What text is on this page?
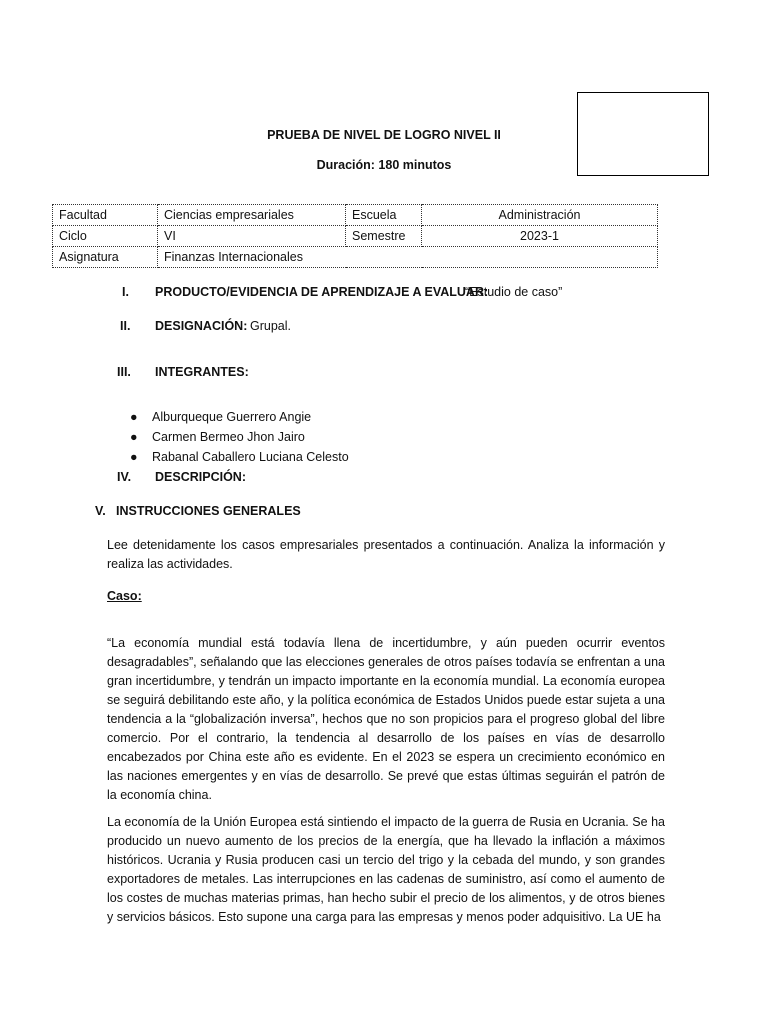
PRUEBA DE NIVEL DE LOGRO NIVEL II
Duración: 180 minutos
Facultad	Ciencias empresariales	Escuela	Administración
Ciclo	VI	Semestre	2023-1
Asignatura	Finanzas Internacionales		
I. PRODUCTO/EVIDENCIA DE APRENDIZAJE A EVALUAR:
“Estudio de caso”
II. DESIGNACIÓN: Grupal.
III. INTEGRANTES:
● Alburqueque Guerrero Angie
● Carmen Bermeo Jhon Jairo
● Rabanal Caballero Luciana Celesto
IV. DESCRIPCIÓN:
V. INSTRUCCIONES GENERALES

Lee detenidamente los casos empresariales presentados a continuación. Analiza la información y realiza las actividades.

Caso:

“La economía mundial está todavía llena de incertidumbre, y aún pueden ocurrir eventos desagradables”, señalando que las elecciones generales de otros países todavía se enfrentan a una gran incertidumbre, y tendrán un impacto importante en la economía mundial. La economía europea se seguirá debilitando este año, y la política económica de Estados Unidos puede estar sujeta a una tendencia a la “globalización inversa”, hechos que no son propicios para el progreso global del libre comercio. Por el contrario, la tendencia al desarrollo de los países en vías de desarrollo encabezados por China este año es evidente. En el 2023 se espera un crecimiento económico en las naciones emergentes y en vías de desarrollo. Se prevé que estas últimas seguirán el patrón de la economía china.

La economía de la Unión Europea está sintiendo el impacto de la guerra de Rusia en Ucrania. Se ha producido un nuevo aumento de los precios de la energía, que ha llevado la inflación a máximos históricos. Ucrania y Rusia producen casi un tercio del trigo y la cebada del mundo, y son grandes exportadores de metales. Las interrupciones en las cadenas de suministro, así como el aumento de los costes de muchas materias primas, han hecho subir el precio de los alimentos, y de otros bienes y servicios básicos. Esto supone una carga para las empresas y menos poder adquisitivo. La UE ha
